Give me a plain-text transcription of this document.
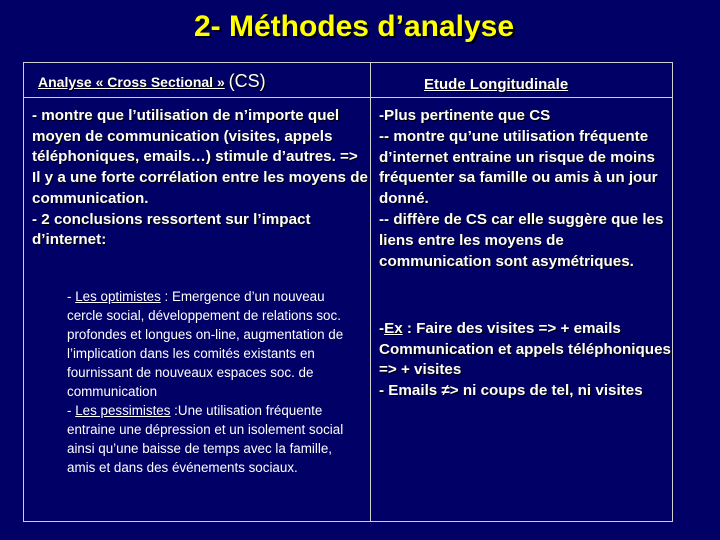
2- Méthodes d’analyse
Analyse « Cross Sectional » (CS)	Etude Longitudinale

- montre que l’utilisation de n’importe quel moyen de communication (visites, appels téléphoniques, emails…) stimule d’autres. => Il y a une forte corrélation entre les moyens de communication.

- 2 conclusions ressortent sur l’impact d’internet:

- Les optimistes : Emergence d’un nouveau cercle social, développement de relations soc. profondes et longues on-line, augmentation de l’implication dans les comités existants en fournissant de nouveaux espaces soc. de communication

- Les pessimistes :Une utilisation fréquente entraine une dépression et un isolement social ainsi qu’une baisse de temps avec la famille, amis et dans des événements sociaux.

-Plus pertinente que CS

-- montre qu’une utilisation fréquente d’internet entraine un risque de moins fréquenter sa famille ou amis à un jour donné.

-- diffère de CS car elle suggère que les liens entre les moyens de communication sont asymétriques.

-Ex : Faire des visites => + emails Communication et appels téléphoniques => + visites

- Emails ≠> ni coups de tel, ni visites
